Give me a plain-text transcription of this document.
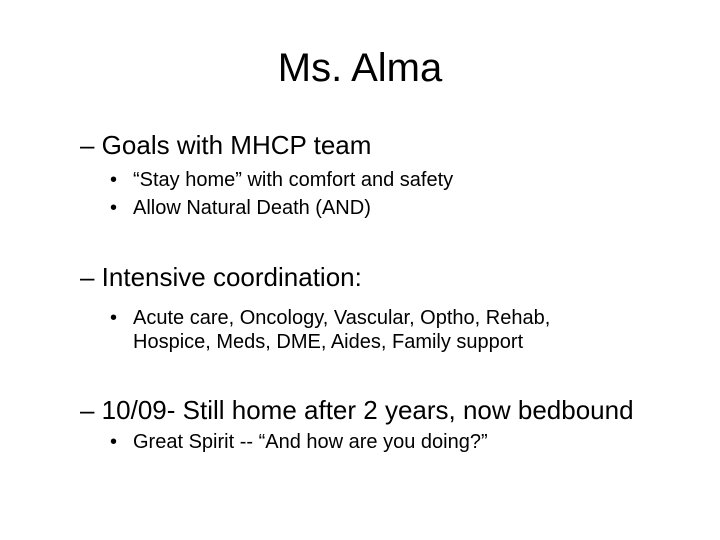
Ms. Alma
– Goals with MHCP team
• “Stay home” with comfort and safety
• Allow Natural Death (AND)
– Intensive coordination:
• Acute care, Oncology, Vascular, Optho, Rehab,
Hospice, Meds, DME, Aides, Family support
– 10/09- Still home after 2 years, now bedbound
• Great Spirit -- “And how are you doing?”
